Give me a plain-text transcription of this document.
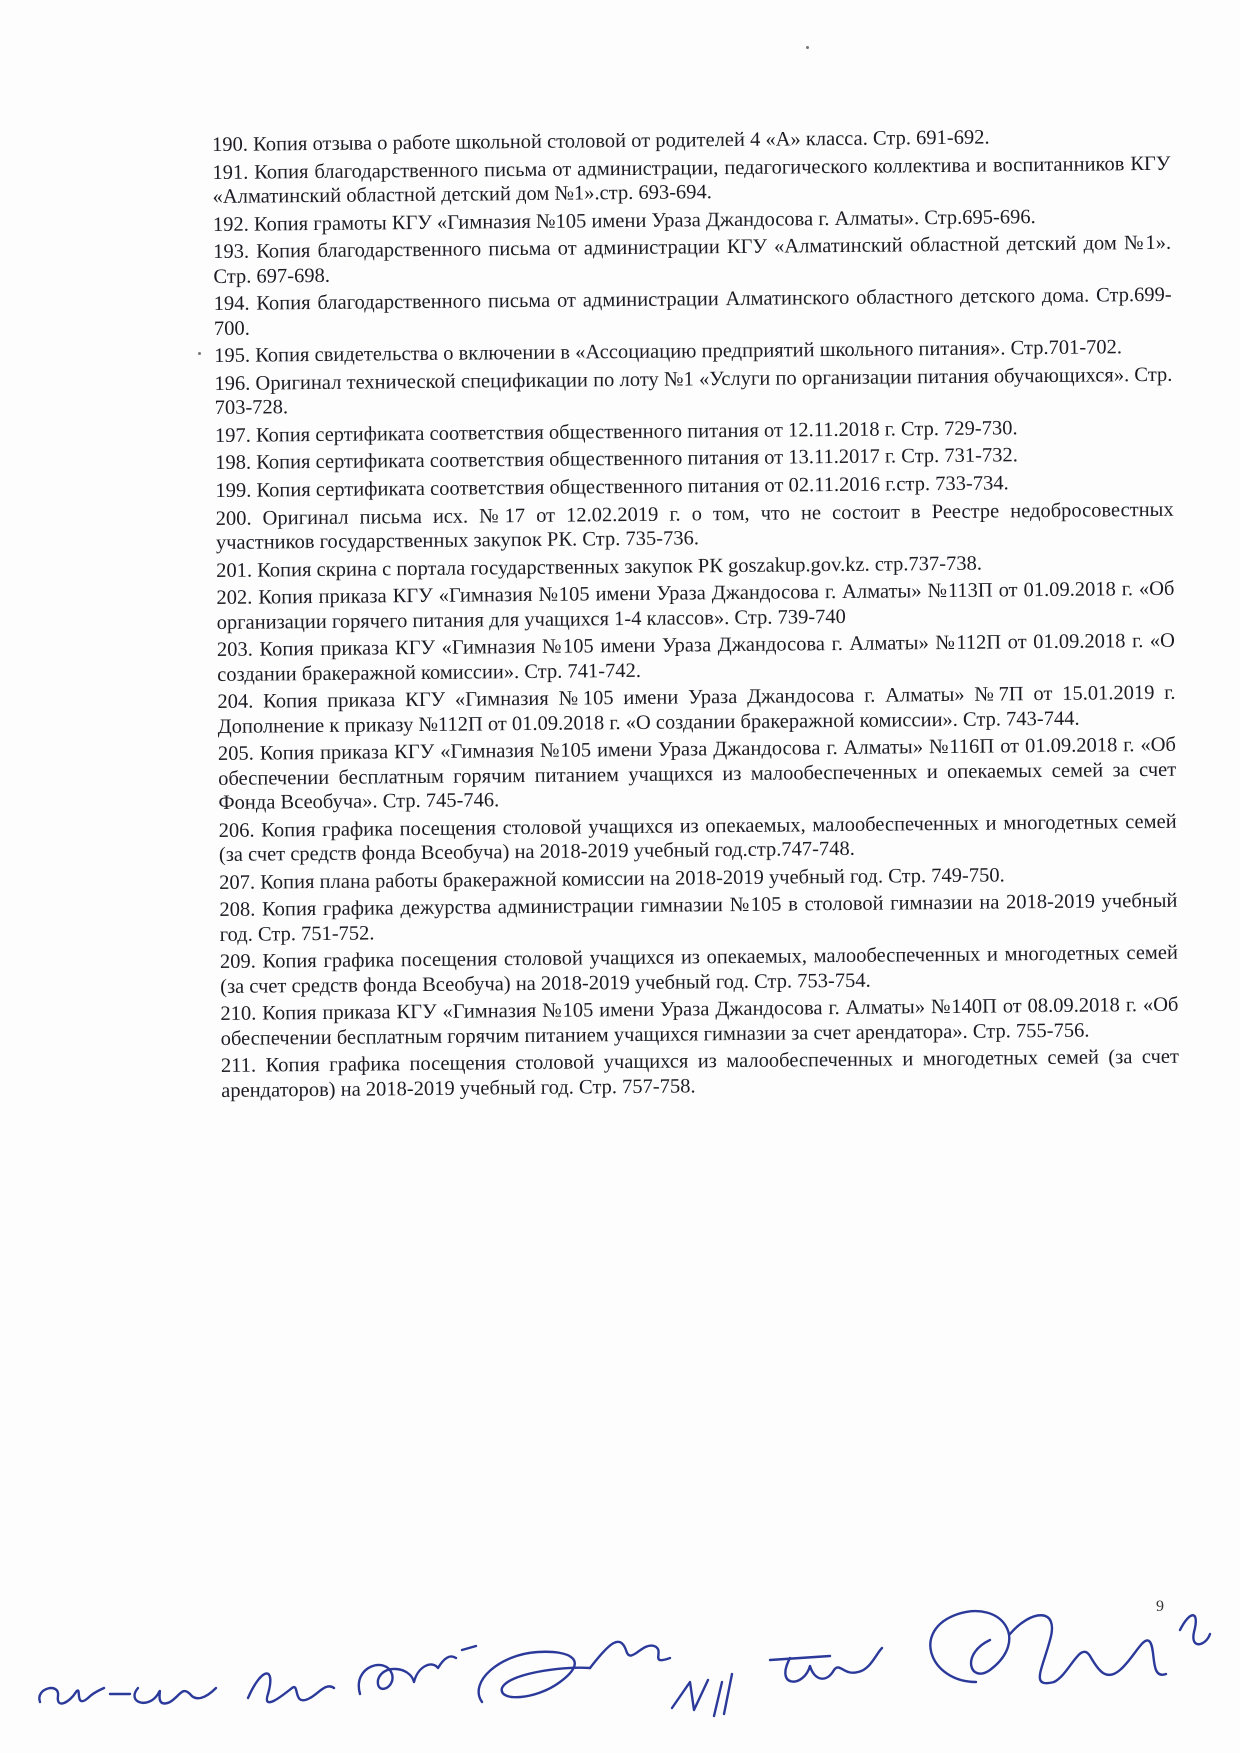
190. Копия отзыва о работе школьной столовой от родителей 4 «А» класса. Стр. 691-692.

191. Копия благодарственного письма от администрации, педагогического коллектива и воспитанников КГУ «Алматинский областной детский дом №1».стр. 693-694.

192. Копия грамоты КГУ «Гимназия №105 имени Ураза Джандосова г. Алматы». Стр.695-696.

193. Копия благодарственного письма от администрации КГУ «Алматинский областной детский дом №1». Стр. 697-698.

194. Копия благодарственного письма от администрации Алматинского областного детского дома. Стр.699-700.

195. Копия свидетельства о включении в «Ассоциацию предприятий школьного питания». Стр.701-702.

196. Оригинал технической спецификации по лоту №1 «Услуги по организации питания обучающихся». Стр. 703-728.

197. Копия сертификата соответствия общественного питания от 12.11.2018 г. Стр. 729-730.

198. Копия сертификата соответствия общественного питания от 13.11.2017 г. Стр. 731-732.

199. Копия сертификата соответствия общественного питания от 02.11.2016 г.стр. 733-734.

200. Оригинал письма исх. №17 от 12.02.2019 г. о том, что не состоит в Реестре недобросовестных участников государственных закупок РК. Стр. 735-736.

201. Копия скрина с портала государственных закупок РК goszakup.gov.kz. стр.737-738.

202. Копия приказа КГУ «Гимназия №105 имени Ураза Джандосова г. Алматы» №113П от 01.09.2018 г. «Об организации горячего питания для учащихся 1-4 классов». Стр. 739-740

203. Копия приказа КГУ «Гимназия №105 имени Ураза Джандосова г. Алматы» №112П от 01.09.2018 г. «О создании бракеражной комиссии». Стр. 741-742.

204. Копия приказа КГУ «Гимназия №105 имени Ураза Джандосова г. Алматы» №7П от 15.01.2019 г. Дополнение к приказу №112П от 01.09.2018 г. «О создании бракеражной комиссии». Стр. 743-744.

205. Копия приказа КГУ «Гимназия №105 имени Ураза Джандосова г. Алматы» №116П от 01.09.2018 г. «Об обеспечении бесплатным горячим питанием учащихся из малообеспеченных и опекаемых семей за счет Фонда Всеобуча». Стр. 745-746.

206. Копия графика посещения столовой учащихся из опекаемых, малообеспеченных и многодетных семей (за счет средств фонда Всеобуча) на 2018-2019 учебный год.стр.747-748.

207. Копия плана работы бракеражной комиссии на 2018-2019 учебный год. Стр. 749-750.

208. Копия графика дежурства администрации гимназии №105 в столовой гимназии на 2018-2019 учебный год. Стр. 751-752.

209. Копия графика посещения столовой учащихся из опекаемых, малообеспеченных и многодетных семей (за счет средств фонда Всеобуча) на 2018-2019 учебный год. Стр. 753-754.

210. Копия приказа КГУ «Гимназия №105 имени Ураза Джандосова г. Алматы» №140П от 08.09.2018 г. «Об обеспечении бесплатным горячим питанием учащихся гимназии за счет арендатора». Стр. 755-756.

211. Копия графика посещения столовой учащихся из малообеспеченных и многодетных семей (за счет арендаторов) на 2018-2019 учебный год. Стр. 757-758.

9
